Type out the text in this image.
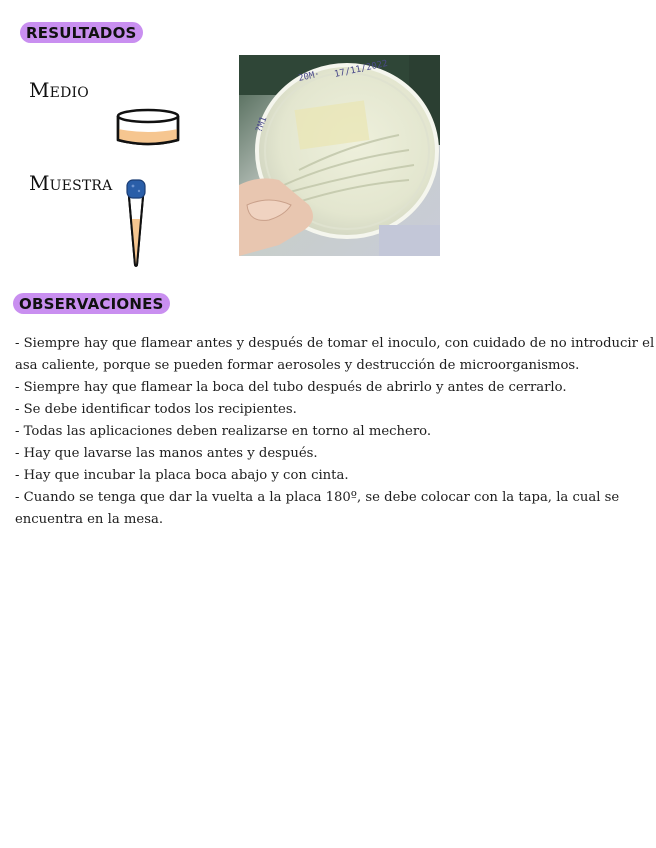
RESULTADOS
Medio
Muestra
20M· 17/11/2022
?M1
OBSERVACIONES
- Siempre hay que flamear antes y después de tomar el inoculo, con cuidado de no introducir el
asa caliente, porque se pueden formar aerosoles y destrucción de microorganismos.
- Siempre hay que flamear la boca del tubo después de abrirlo y antes de cerrarlo.
- Se debe identificar todos los recipientes.
- Todas las aplicaciones deben realizarse en torno al mechero.
- Hay que lavarse las manos antes y después.
- Hay que incubar la placa boca abajo y con cinta.
- Cuando se tenga que dar la vuelta a la placa 180º, se debe colocar con la tapa, la cual se
encuentra en la mesa.
